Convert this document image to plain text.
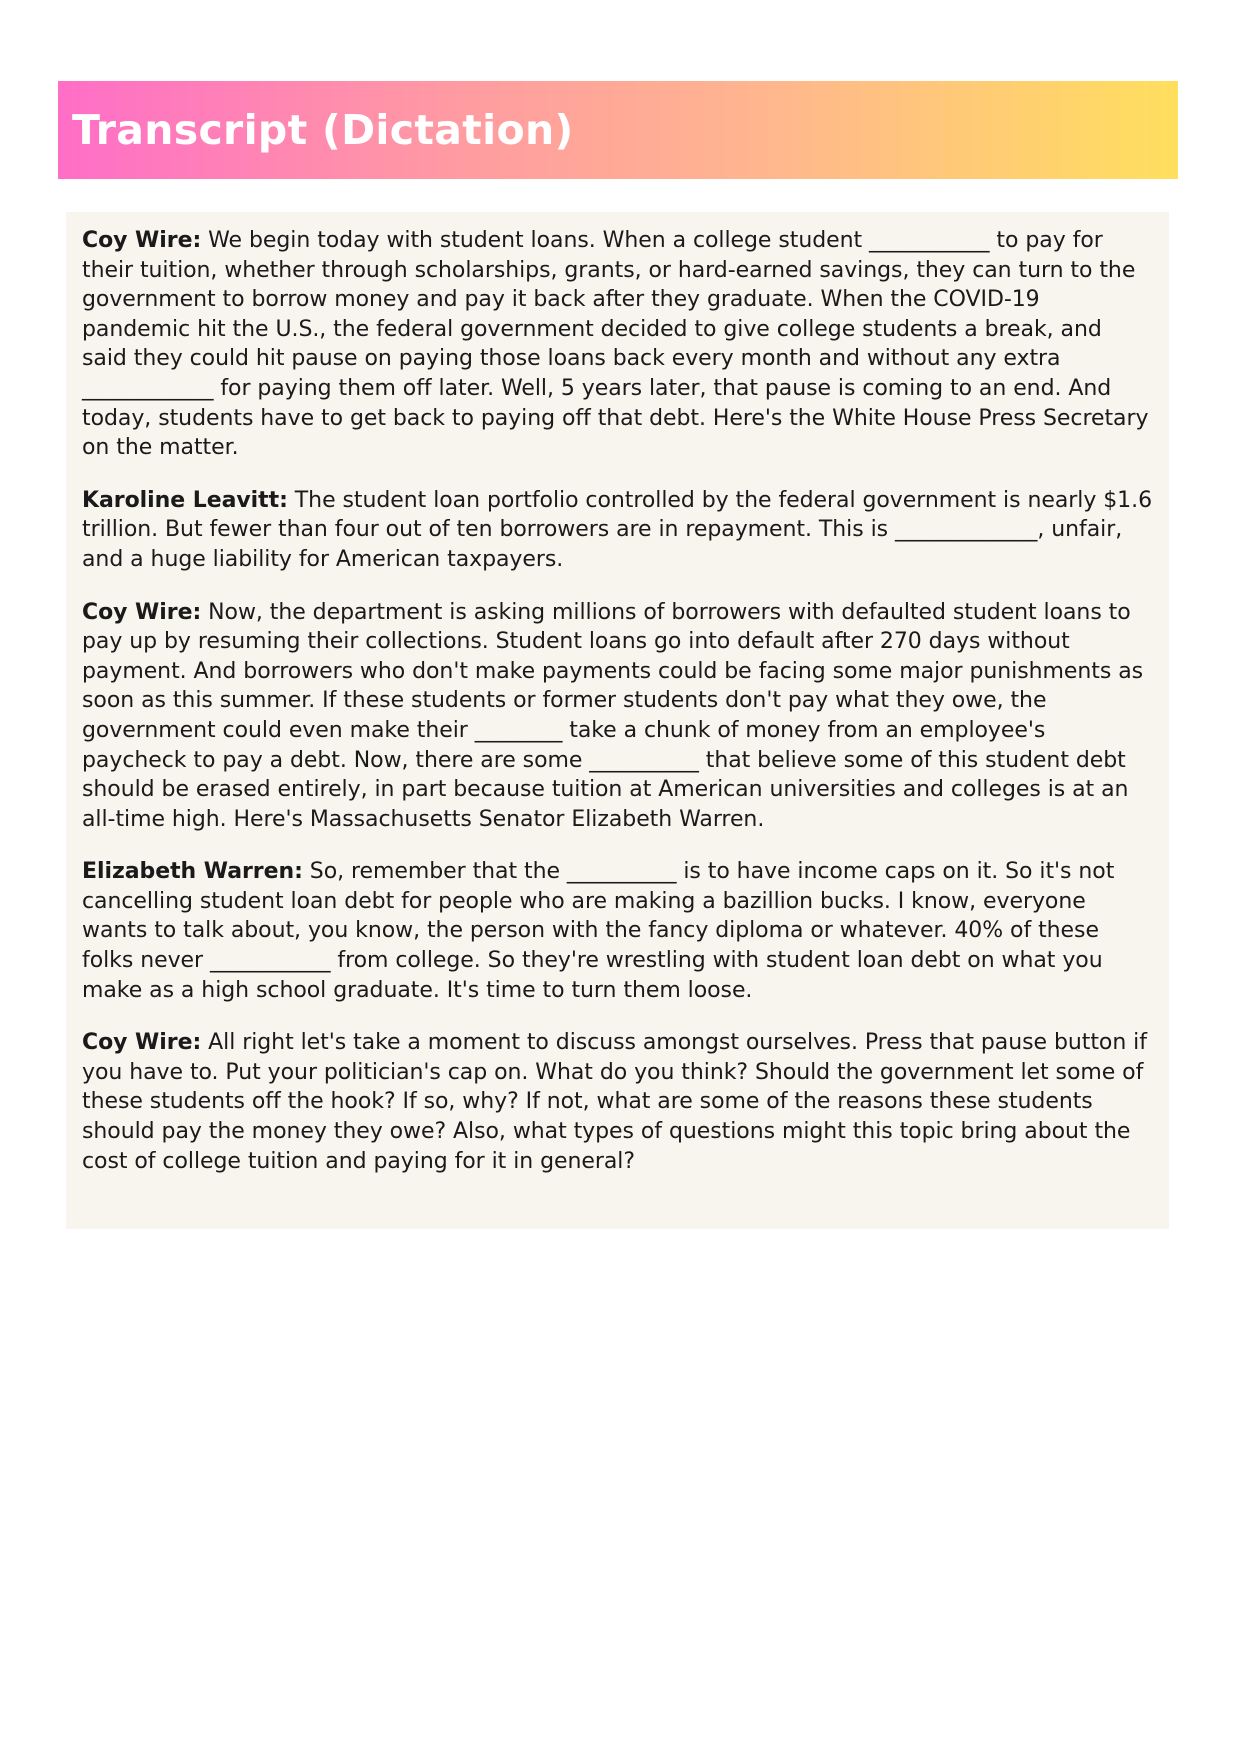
Transcript (Dictation)

Coy Wire: We begin today with student loans. When a college student ___________ to pay for their tuition, whether through scholarships, grants, or hard-earned savings, they can turn to the government to borrow money and pay it back after they graduate. When the COVID-19 pandemic hit the U.S., the federal government decided to give college students a break, and said they could hit pause on paying those loans back every month and without any extra ____________ for paying them off later. Well, 5 years later, that pause is coming to an end. And today, students have to get back to paying off that debt. Here's the White House Press Secretary on the matter.

Karoline Leavitt: The student loan portfolio controlled by the federal government is nearly $1.6 trillion. But fewer than four out of ten borrowers are in repayment. This is _____________, unfair, and a huge liability for American taxpayers.

Coy Wire: Now, the department is asking millions of borrowers with defaulted student loans to pay up by resuming their collections. Student loans go into default after 270 days without payment. And borrowers who don't make payments could be facing some major punishments as soon as this summer. If these students or former students don't pay what they owe, the government could even make their ________ take a chunk of money from an employee's paycheck to pay a debt. Now, there are some __________ that believe some of this student debt should be erased entirely, in part because tuition at American universities and colleges is at an all-time high. Here's Massachusetts Senator Elizabeth Warren.

Elizabeth Warren: So, remember that the __________ is to have income caps on it. So it's not cancelling student loan debt for people who are making a bazillion bucks. I know, everyone wants to talk about, you know, the person with the fancy diploma or whatever. 40% of these folks never ___________ from college. So they're wrestling with student loan debt on what you make as a high school graduate. It's time to turn them loose.

Coy Wire: All right let's take a moment to discuss amongst ourselves. Press that pause button if you have to. Put your politician's cap on. What do you think? Should the government let some of these students off the hook? If so, why? If not, what are some of the reasons these students should pay the money they owe? Also, what types of questions might this topic bring about the cost of college tuition and paying for it in general?
